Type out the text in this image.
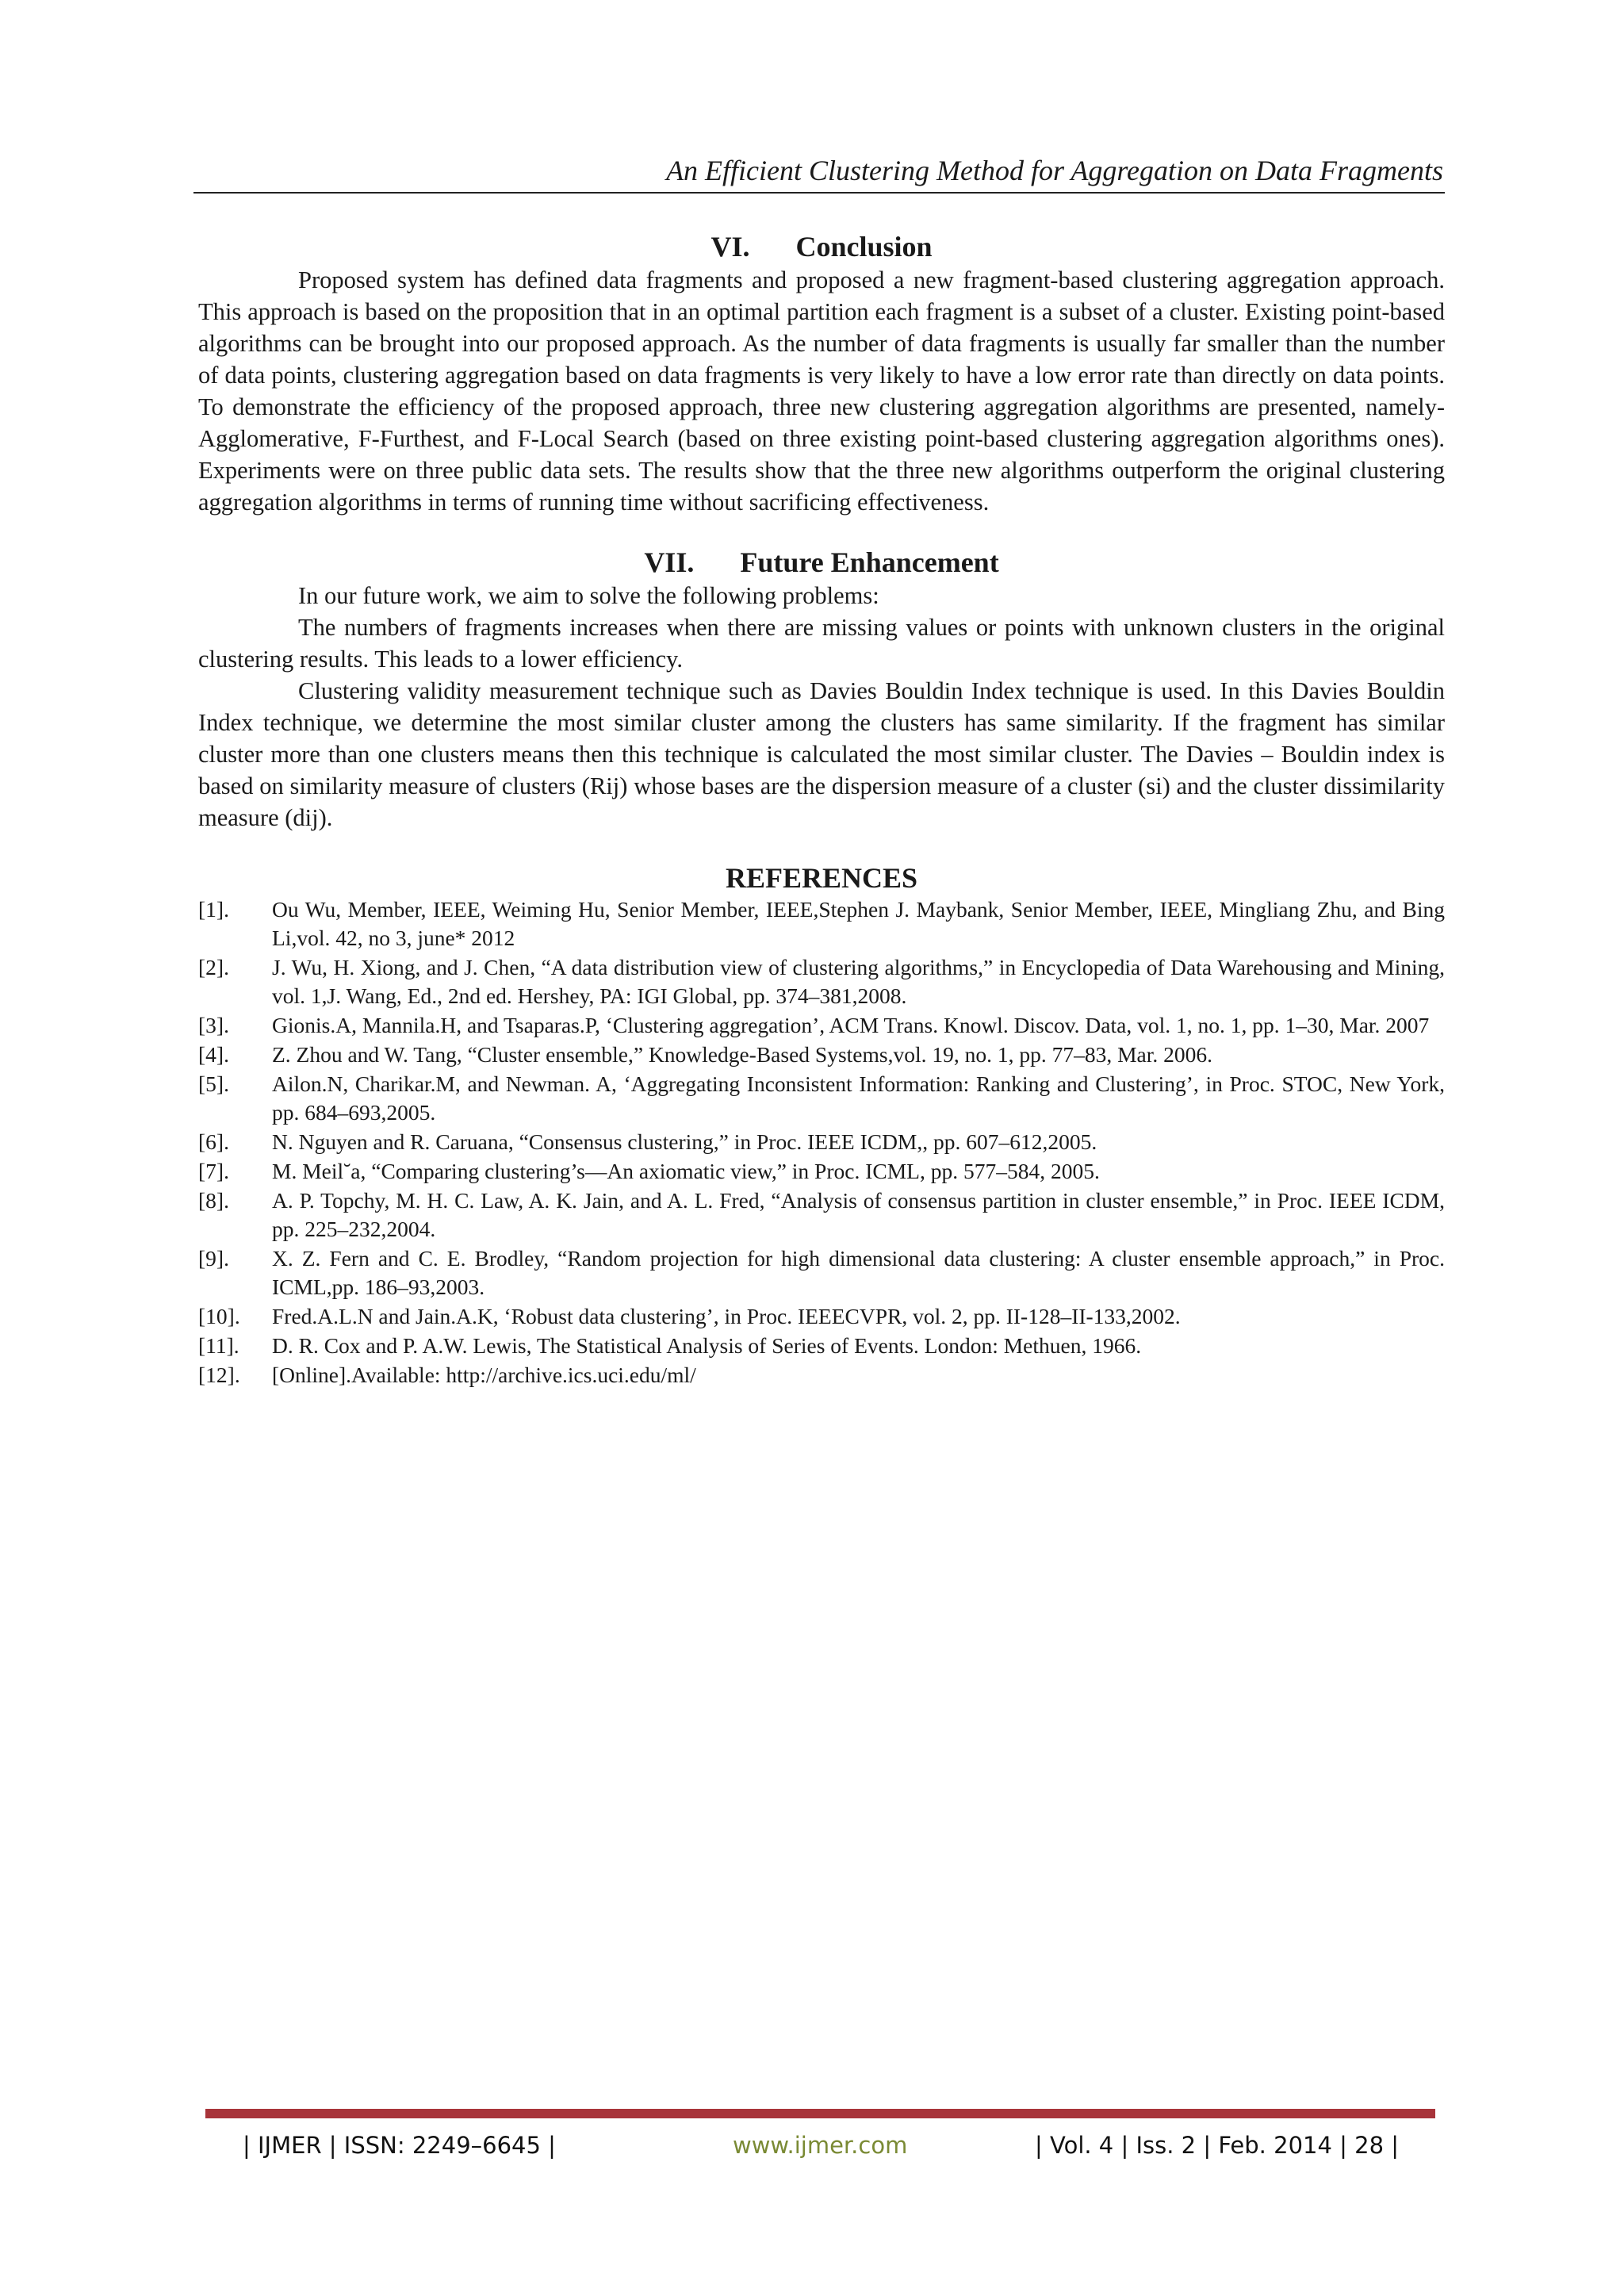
An Efficient Clustering Method for Aggregation on Data Fragments
VI. Conclusion

Proposed system has defined data fragments and proposed a new fragment-based clustering aggregation approach. This approach is based on the proposition that in an optimal partition each fragment is a subset of a cluster. Existing point-based algorithms can be brought into our proposed approach. As the number of data fragments is usually far smaller than the number of data points, clustering aggregation based on data fragments is very likely to have a low error rate than directly on data points. To demonstrate the efficiency of the proposed approach, three new clustering aggregation algorithms are presented, namely-Agglomerative, F-Furthest, and F-Local Search (based on three existing point-based clustering aggregation algorithms ones). Experiments were on three public data sets. The results show that the three new algorithms outperform the original clustering aggregation algorithms in terms of running time without sacrificing effectiveness.

VII. Future Enhancement

In our future work, we aim to solve the following problems:

The numbers of fragments increases when there are missing values or points with unknown clusters in the original clustering results. This leads to a lower efficiency.

Clustering validity measurement technique such as Davies Bouldin Index technique is used. In this Davies Bouldin Index technique, we determine the most similar cluster among the clusters has same similarity. If the fragment has similar cluster more than one clusters means then this technique is calculated the most similar cluster. The Davies – Bouldin index is based on similarity measure of clusters (Rij) whose bases are the dispersion measure of a cluster (si) and the cluster dissimilarity measure (dij).

REFERENCES
[1].	Ou Wu, Member, IEEE, Weiming Hu, Senior Member, IEEE,Stephen J. Maybank, Senior Member, IEEE, Mingliang Zhu, and Bing Li,vol. 42, no 3, june* 2012
[2].	J. Wu, H. Xiong, and J. Chen, “A data distribution view of clustering algorithms,” in Encyclopedia of Data Warehousing and Mining, vol. 1,J. Wang, Ed., 2nd ed. Hershey, PA: IGI Global, pp. 374–381,2008.
[3].	Gionis.A, Mannila.H, and Tsaparas.P, ‘Clustering aggregation’, ACM Trans. Knowl. Discov. Data, vol. 1, no. 1, pp. 1–30, Mar. 2007
[4].	Z. Zhou and W. Tang, “Cluster ensemble,” Knowledge-Based Systems,vol. 19, no. 1, pp. 77–83, Mar. 2006.
[5].	Ailon.N, Charikar.M, and Newman. A, ‘Aggregating Inconsistent Information: Ranking and Clustering’, in Proc. STOC, New York, pp. 684–693,2005.
[6].	N. Nguyen and R. Caruana, “Consensus clustering,” in Proc. IEEE ICDM,, pp. 607–612,2005.
[7].	M. Meil˘a, “Comparing clustering’s—An axiomatic view,” in Proc. ICML, pp. 577–584, 2005.
[8].	A. P. Topchy, M. H. C. Law, A. K. Jain, and A. L. Fred, “Analysis of consensus partition in cluster ensemble,” in Proc. IEEE ICDM, pp. 225–232,2004.
[9].	X. Z. Fern and C. E. Brodley, “Random projection for high dimensional data clustering: A cluster ensemble approach,” in Proc. ICML,pp. 186–93,2003.
[10].	Fred.A.L.N and Jain.A.K, ‘Robust data clustering’, in Proc. IEEECVPR, vol. 2, pp. II-128–II-133,2002.
[11].	D. R. Cox and P. A.W. Lewis, The Statistical Analysis of Series of Events. London: Methuen, 1966.
[12].	[Online].Available: http://archive.ics.uci.edu/ml/
| IJMER | ISSN: 2249–6645 |	www.ijmer.com	| Vol. 4 | Iss. 2 | Feb. 2014 | 28 |
